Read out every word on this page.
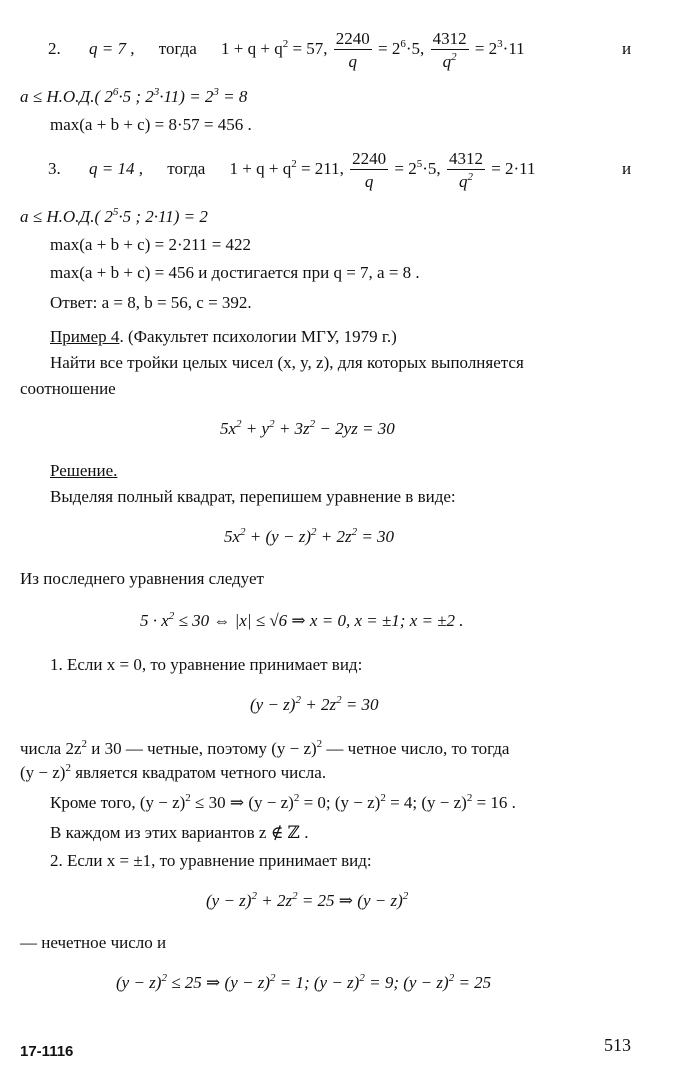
2. q = 7 , тогда $1 + q + q^2 = 57$, $\frac{2240}{q} = 2^6\cdot 5$, $\frac{4312}{q^2} = 2^3\cdot 11$	и
a ≤ Н.О.Д.( $2^6\cdot 5$ ; $2^3\cdot 11) = 2^3 = 8$
max(a + b + c) = 8·57 = 456 .
3. q = 14 , тогда $1 + q + q^2 = 211$, $\frac{2240}{q} = 2^5\cdot 5$, $\frac{4312}{q^2} = 2\cdot 11$	и
a ≤ Н.О.Д.( $2^5\cdot 5$ ; 2·11) = 2
max(a + b + c) = 2·211 = 422
max(a + b + c) = 456 и достигается при q = 7, a = 8 .
Ответ: a = 8, b = 56, c = 392.
Пример 4. (Факультет психологии МГУ, 1979 г.)
Найти все тройки целых чисел (x, y, z), для которых выполняется
соотношение
$5x^2 + y^2 + 3z^2 - 2yz = 30$
Решение.
Выделяя полный квадрат, перепишем уравнение в виде:
$5x^2 + (y - z)^2 + 2z^2 = 30$
Из последнего уравнения следует
$5 \cdot x^2 \le 30$ ⇔ |x| ≤ √6 ⇒ x = 0, x = ±1; x = ±2 .
1. Если x = 0, то уравнение принимает вид:
$(y - z)^2 + 2z^2 = 30$
числа $2z^2$ и 30 — четные, поэтому $(y - z)^2$ — четное число, то тогда
$(y - z)^2$ является квадратом четного числа.
Кроме того, $(y - z)^2 \le 30$ ⇒ $(y - z)^2 = 0$; $(y - z)^2 = 4$; $(y - z)^2 = 16$ .
В каждом из этих вариантов z ∉ ℤ .
2. Если x = ±1, то уравнение принимает вид:
$(y - z)^2 + 2z^2 = 25$ ⇒ $(y - z)^2$
— нечетное число и
$(y - z)^2 \le 25$ ⇒ $(y - z)^2 = 1$; $(y - z)^2 = 9$; $(y - z)^2 = 25$
17-1116	513
